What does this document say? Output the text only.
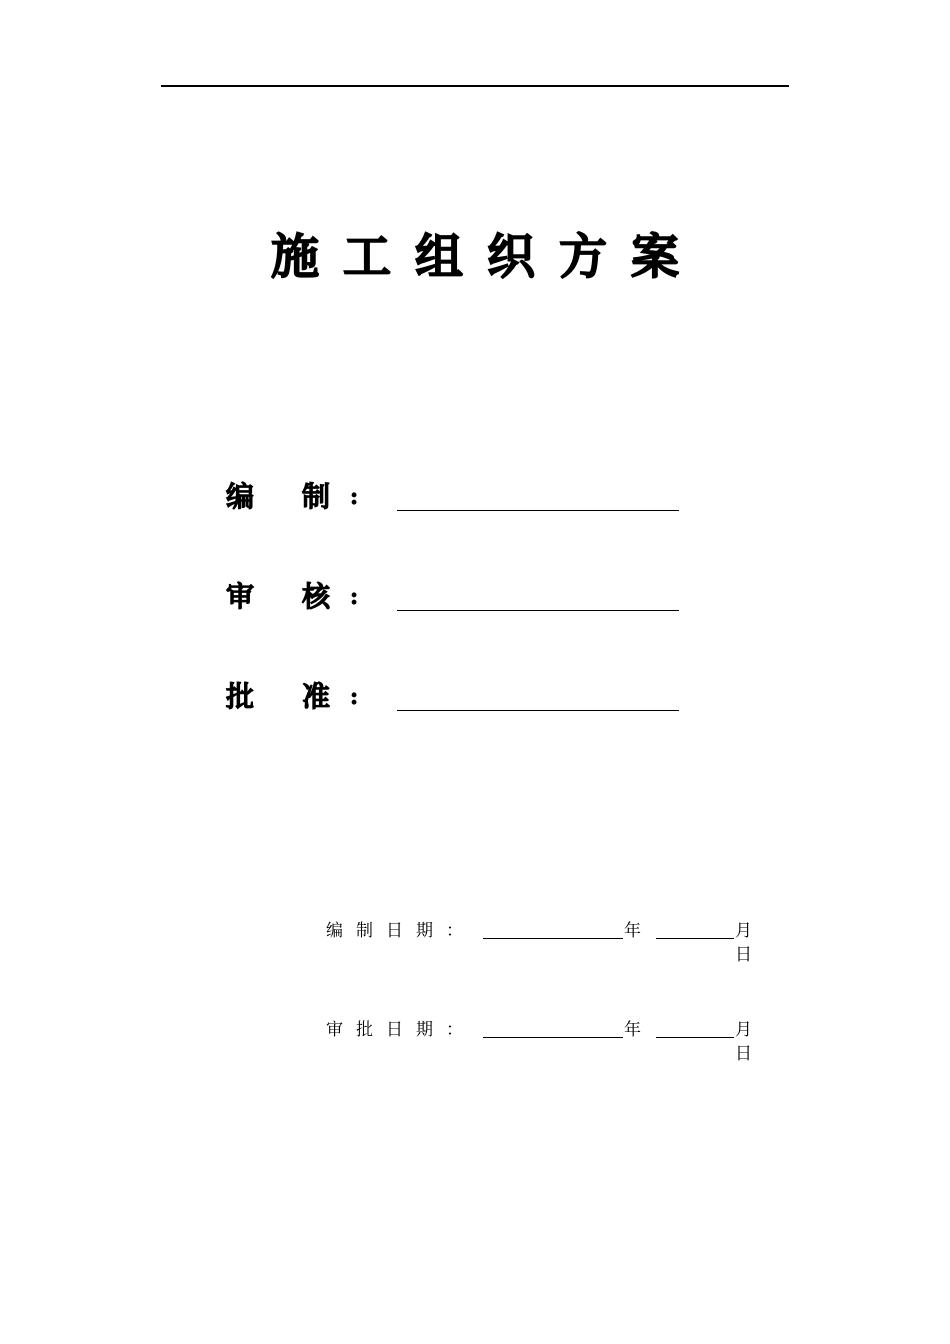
施工组织方案
编 制 :
审 核 :
批 准 :
编制日期：	年	月
日
审批日期：	年	月
日
